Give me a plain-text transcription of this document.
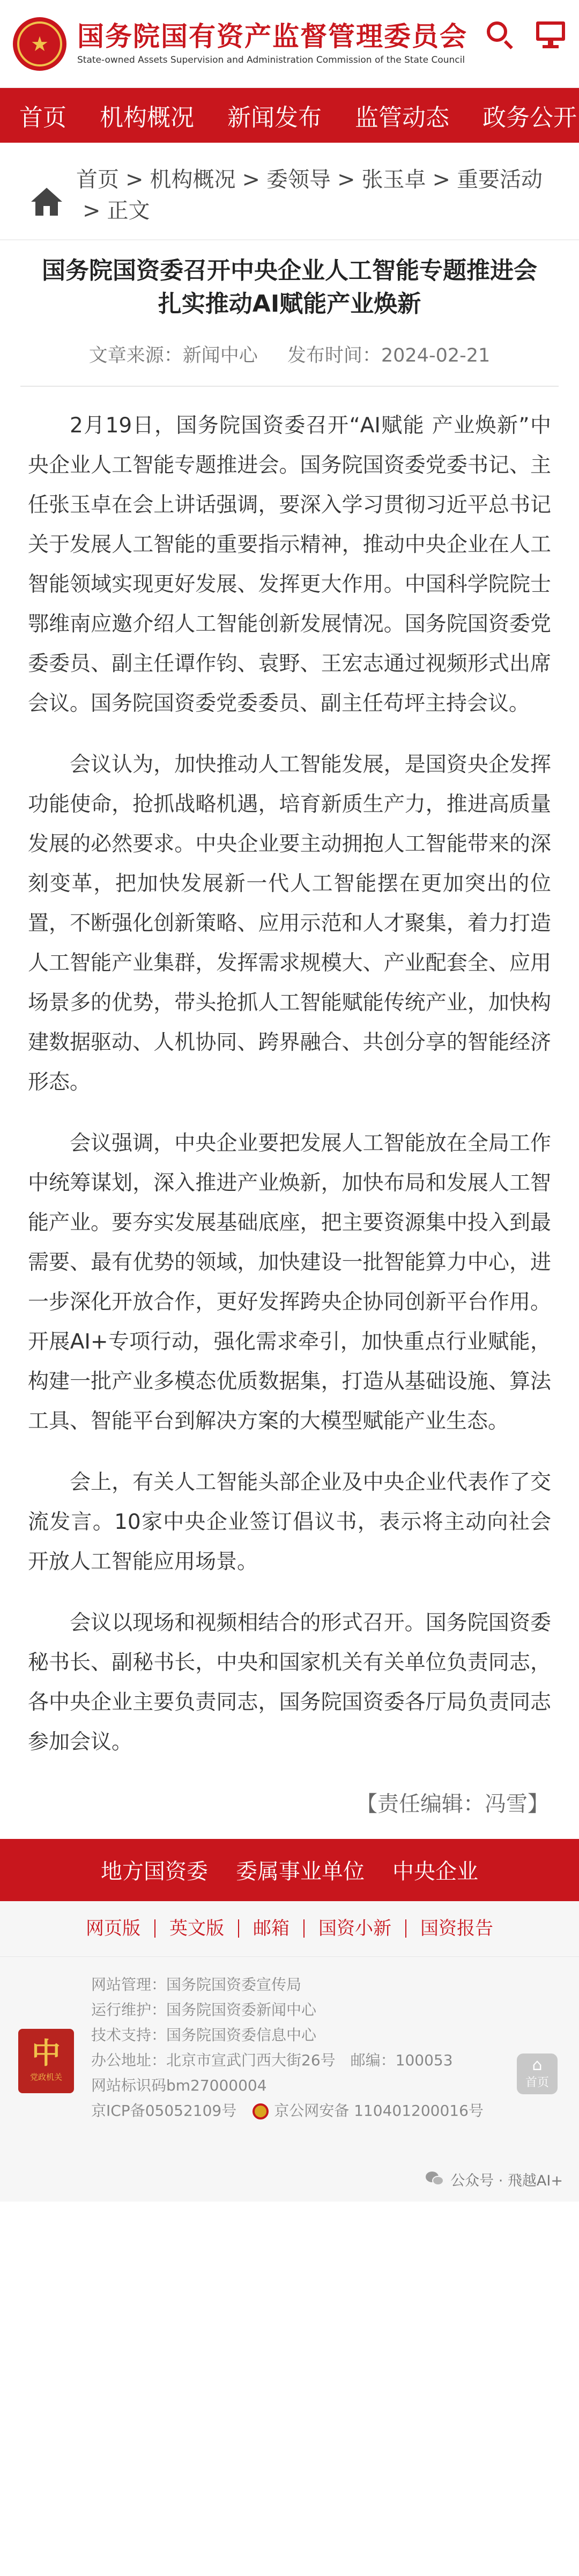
★ 国务院国有资产监督管理委员会
State-owned Assets Supervision and Administration Commission of the State Council
首页 机构概况 新闻发布 监管动态 政务公开
首页 > 机构概况 > 委领导 > 张玉卓 > 重要活动> 正文
国务院国资委召开中央企业人工智能专题推进会
扎实推动AI赋能产业焕新
文章来源：新闻中心 发布时间：2024-02-21

2月19日，国务院国资委召开“AI赋能 产业焕新”中央企业人工智能专题推进会。国务院国资委党委书记、主任张玉卓在会上讲话强调，要深入学习贯彻习近平总书记关于发展人工智能的重要指示精神，推动中央企业在人工智能领域实现更好发展、发挥更大作用。中国科学院院士鄂维南应邀介绍人工智能创新发展情况。国务院国资委党委委员、副主任谭作钧、袁野、王宏志通过视频形式出席会议。国务院国资委党委委员、副主任苟坪主持会议。

会议认为，加快推动人工智能发展，是国资央企发挥功能使命，抢抓战略机遇，培育新质生产力，推进高质量发展的必然要求。中央企业要主动拥抱人工智能带来的深刻变革，把加快发展新一代人工智能摆在更加突出的位置，不断强化创新策略、应用示范和人才聚集，着力打造人工智能产业集群，发挥需求规模大、产业配套全、应用场景多的优势，带头抢抓人工智能赋能传统产业，加快构建数据驱动、人机协同、跨界融合、共创分享的智能经济形态。

会议强调，中央企业要把发展人工智能放在全局工作中统筹谋划，深入推进产业焕新，加快布局和发展人工智能产业。要夯实发展基础底座，把主要资源集中投入到最需要、最有优势的领域，加快建设一批智能算力中心，进一步深化开放合作，更好发挥跨央企协同创新平台作用。开展AI+专项行动，强化需求牵引，加快重点行业赋能，构建一批产业多模态优质数据集，打造从基础设施、算法工具、智能平台到解决方案的大模型赋能产业生态。

会上，有关人工智能头部企业及中央企业代表作了交流发言。10家中央企业签订倡议书，表示将主动向社会开放人工智能应用场景。

会议以现场和视频相结合的形式召开。国务院国资委秘书长、副秘书长，中央和国家机关有关单位负责同志，各中央企业主要负责同志，国务院国资委各厅局负责同志参加会议。

【责任编辑：冯雪】
地方国资委 委属事业单位 中央企业
网页版	英文版	邮箱	国资小新	国资报告
中
党政机关
网站管理：国务院国资委宣传局
运行维护：国务院国资委新闻中心
技术支持：国务院国资委信息中心
办公地址：北京市宣武门西大街26号　邮编：100053
网站标识码bm27000004
京ICP备05052109号	京公网安备 110401200016号
⌂
首页
公众号 · 飛越AI+
